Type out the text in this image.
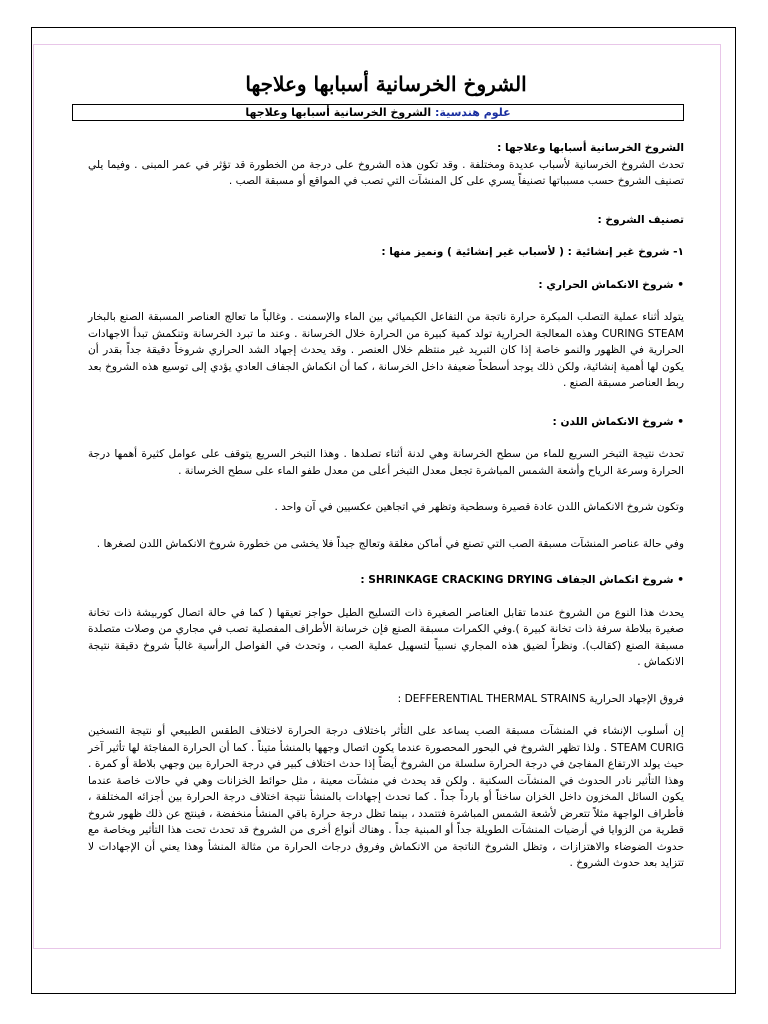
الشروخ الخرسانية أسبابها وعلاجها
علوم هندسية: الشروخ الخرسانية أسبابها وعلاجها

الشروخ الخرسانية أسبابها وعلاجها :

تحدث الشروخ الخرسانية لأسباب عديدة ومختلفة . وقد تكون هذه الشروخ على درجة من الخطورة قد تؤثر في عمر المبنى . وفيما يلي تصنيف الشروخ حسب مسبباتها تصنيفاً يسري على كل المنشآت التي تصب في المواقع أو مسبقة الصب .

تصنيف الشروخ :

١- شروخ غير إنشائية : ( لأسباب غير إنشائية ) ونميز منها :

• شروخ الانكماش الحراري :

يتولد أثناء عملية التصلب المبكرة حرارة ناتجة من التفاعل الكيميائي بين الماء والإسمنت . وغالباً ما تعالج العناصر المسبقة الصنع بالبخار CURING STEAM وهذه المعالجة الحرارية تولد كمية كبيرة من الحرارة خلال الخرسانة . وعند ما تبرد الخرسانة وتنكمش تبدأ الاجهادات الحرارية في الظهور والنمو خاصة إذا كان التبريد غير منتظم خلال العنصر . وقد يحدث إجهاد الشد الحراري شروخاً دقيقة جداً بقدر أن يكون لها أهمية إنشائية، ولكن ذلك يوجد أسطحاً ضعيفة داخل الخرسانة ، كما أن انكماش الجفاف العادي يؤدي إلى توسيع هذه الشروخ بعد ربط العناصر مسبقة الصنع .

• شروخ الانكماش اللدن :

تحدث نتيجة التبخر السريع للماء من سطح الخرسانة وهي لدنة أثناء تصلدها . وهذا التبخر السريع يتوقف على عوامل كثيرة أهمها درجة الحرارة وسرعة الرياح وأشعة الشمس المباشرة تجعل معدل التبخر أعلى من معدل طفو الماء على سطح الخرسانة .

وتكون شروخ الانكماش اللدن عادة قصيرة وسطحية وتظهر في اتجاهين عكسيين في آن واحد .

وفي حالة عناصر المنشآت مسبقة الصب التي تصنع في أماكن مغلقة وتعالج جيداً فلا يخشى من خطورة شروخ الانكماش اللدن لصغرها .

• شروخ انكماش الجفاف SHRINKAGE CRACKING DRYING :

يحدث هذا النوع من الشروخ عندما تقابل العناصر الصغيرة ذات التسليح الطيل حواجز تعيقها ( كما في حالة اتصال كوربيشة ذات تخانة صغيرة ببلاطة سرفة ذات تخانة كبيرة ).وفي الكمرات مسبقة الصنع فإن خرسانة الأطراف المفصلية تصب في مجاري من وصلات متصلدة مسبقة الصنع (كقالب). ونظراً لضيق هذه المجاري نسبياً لتسهيل عملية الصب ، وتحدث في الفواصل الرأسية غالباً شروخ دقيقة نتيجة الانكماش .

فروق الإجهاد الحرارية DEFFERENTIAL THERMAL STRAINS :

إن أسلوب الإنشاء في المنشآت مسبقة الصب يساعد على التأثر باختلاف درجة الحرارة لاختلاف الطقس الطبيعي أو نتيجة التسخين STEAM CURIG . ولذا تظهر الشروخ في البحور المحصورة عندما يكون اتصال وجهها بالمنشأ متيناً . كما أن الحرارة المفاجئة لها تأثير آخر حيث يولد الارتفاع المفاجئ في درجة الحرارة سلسلة من الشروخ أيضاً إذا حدث اختلاف كبير في درجة الحرارة بين وجهي بلاطة أو كمرة . وهذا التأثير نادر الحدوث في المنشآت السكنية . ولكن قد يحدث في منشآت معينة ، مثل حوائط الخزانات وهي في حالات خاصة عندما يكون السائل المخزون داخل الخزان ساخناً أو بارداً جداً . كما تحدث إجهادات بالمنشأ نتيجة اختلاف درجة الحرارة بين أجزائه المختلفة ، فأطراف الواجهة مثلاً تتعرض لأشعة الشمس المباشرة فتتمدد ، بينما تظل درجة حرارة باقي المنشأ منخفضة ، فينتج عن ذلك ظهور شروخ قطرية من الزوايا في أرضيات المنشآت الطويلة جداً أو المبنية جداً . وهناك أنواع أخرى من الشروخ قد تحدث تحت هذا التأثير وبخاصة مع حدوث الضوضاء والاهتزازات ، وتظل الشروخ الناتجة من الانكماش وفروق درجات الحرارة من مثالة المنشأ وهذا يعني أن الإجهادات لا تتزايد بعد حدوث الشروخ .
